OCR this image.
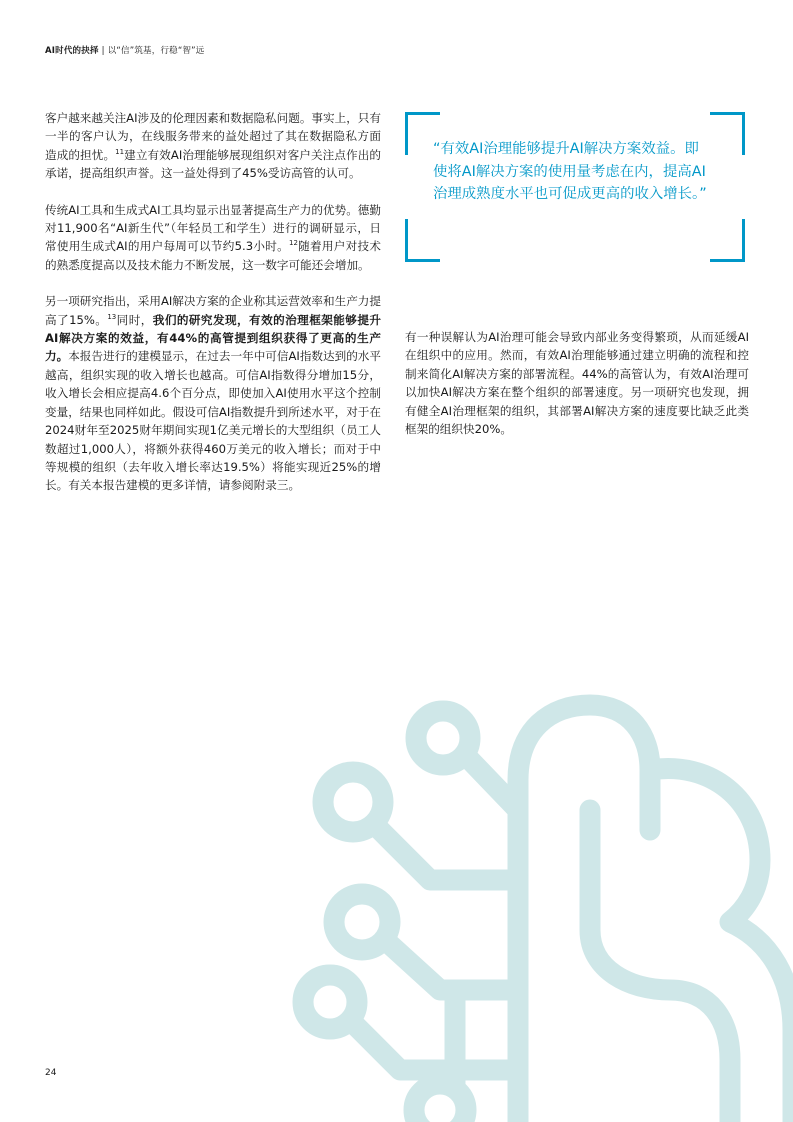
AI时代的抉择 | 以“信”筑基，行稳“智”远

客户越来越关注AI涉及的伦理因素和数据隐私问题。事实上，只有一半的客户认为，在线服务带来的益处超过了其在数据隐私方面造成的担忧。$^{11}$建立有效AI治理能够展现组织对客户关注点作出的承诺，提高组织声誉。这一益处得到了45%受访高管的认可。

传统AI工具和生成式AI工具均显示出显著提高生产力的优势。德勤对11,900名“AI新生代”（年轻员工和学生）进行的调研显示，日常使用生成式AI的用户每周可以节约5.3小时。$^{12}$随着用户对技术的熟悉度提高以及技术能力不断发展，这一数字可能还会增加。

另一项研究指出，采用AI解决方案的企业称其运营效率和生产力提高了15%。$^{13}$同时，我们的研究发现，有效的治理框架能够提升AI解决方案的效益，有44%的高管提到组织获得了更高的生产力。本报告进行的建模显示，在过去一年中可信AI指数达到的水平越高，组织实现的收入增长也越高。可信AI指数得分增加15分，收入增长会相应提高4.6个百分点，即使加入AI使用水平这个控制变量，结果也同样如此。假设可信AI指数提升到所述水平，对于在2024财年至2025财年期间实现1亿美元增长的大型组织（员工人数超过1,000人），将额外获得460万美元的收入增长；而对于中等规模的组织（去年收入增长率达19.5%）将能实现近25%的增长。有关本报告建模的更多详情，请参阅附录三。

“有效AI治理能够提升AI解决方案效益。即使将AI解决方案的使用量考虑在内，提高AI治理成熟度水平也可促成更高的收入增长。”

有一种误解认为AI治理可能会导致内部业务变得繁琐，从而延缓AI在组织中的应用。然而，有效AI治理能够通过建立明确的流程和控制来简化AI解决方案的部署流程。44%的高管认为，有效AI治理可以加快AI解决方案在整个组织的部署速度。另一项研究也发现，拥有健全AI治理框架的组织，其部署AI解决方案的速度要比缺乏此类框架的组织快20%。

24
